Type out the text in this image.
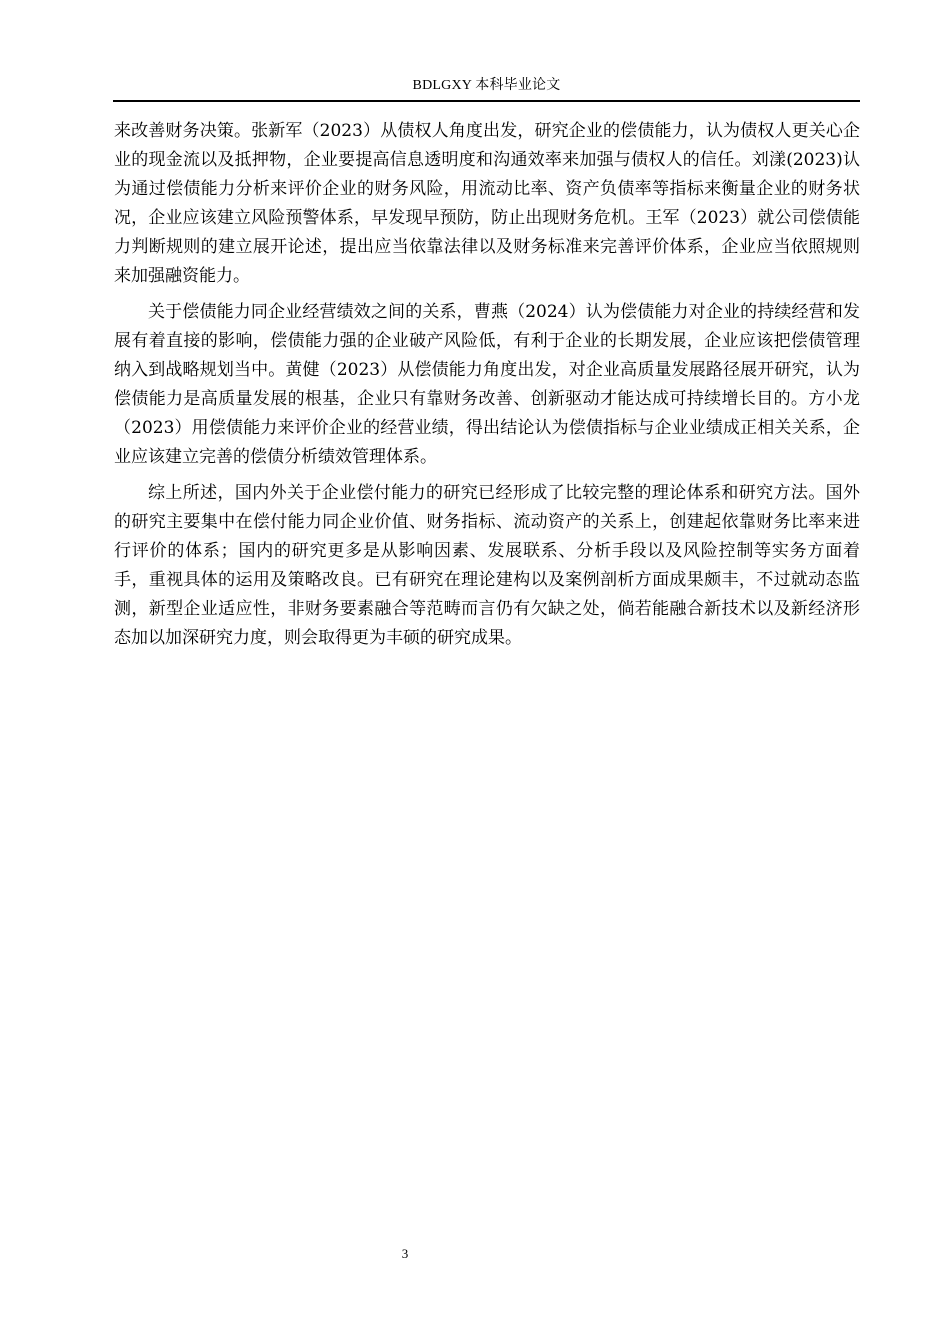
BDLGXY 本科毕业论文

来改善财务决策。张新军（2023）从债权人角度出发，研究企业的偿债能力，认为债权人更关心企业的现金流以及抵押物，企业要提高信息透明度和沟通效率来加强与债权人的信任。刘漾(2023)认为通过偿债能力分析来评价企业的财务风险，用流动比率、资产负债率等指标来衡量企业的财务状况，企业应该建立风险预警体系，早发现早预防，防止出现财务危机。王军（2023）就公司偿债能力判断规则的建立展开论述，提出应当依靠法律以及财务标准来完善评价体系，企业应当依照规则来加强融资能力。

关于偿债能力同企业经营绩效之间的关系，曹燕（2024）认为偿债能力对企业的持续经营和发展有着直接的影响，偿债能力强的企业破产风险低，有利于企业的长期发展，企业应该把偿债管理纳入到战略规划当中。黄健（2023）从偿债能力角度出发，对企业高质量发展路径展开研究，认为偿债能力是高质量发展的根基，企业只有靠财务改善、创新驱动才能达成可持续增长目的。方小龙（2023）用偿债能力来评价企业的经营业绩，得出结论认为偿债指标与企业业绩成正相关关系，企业应该建立完善的偿债分析绩效管理体系。

综上所述，国内外关于企业偿付能力的研究已经形成了比较完整的理论体系和研究方法。国外的研究主要集中在偿付能力同企业价值、财务指标、流动资产的关系上，创建起依靠财务比率来进行评价的体系；国内的研究更多是从影响因素、发展联系、分析手段以及风险控制等实务方面着手，重视具体的运用及策略改良。已有研究在理论建构以及案例剖析方面成果颇丰，不过就动态监测，新型企业适应性，非财务要素融合等范畴而言仍有欠缺之处，倘若能融合新技术以及新经济形态加以加深研究力度，则会取得更为丰硕的研究成果。

3
